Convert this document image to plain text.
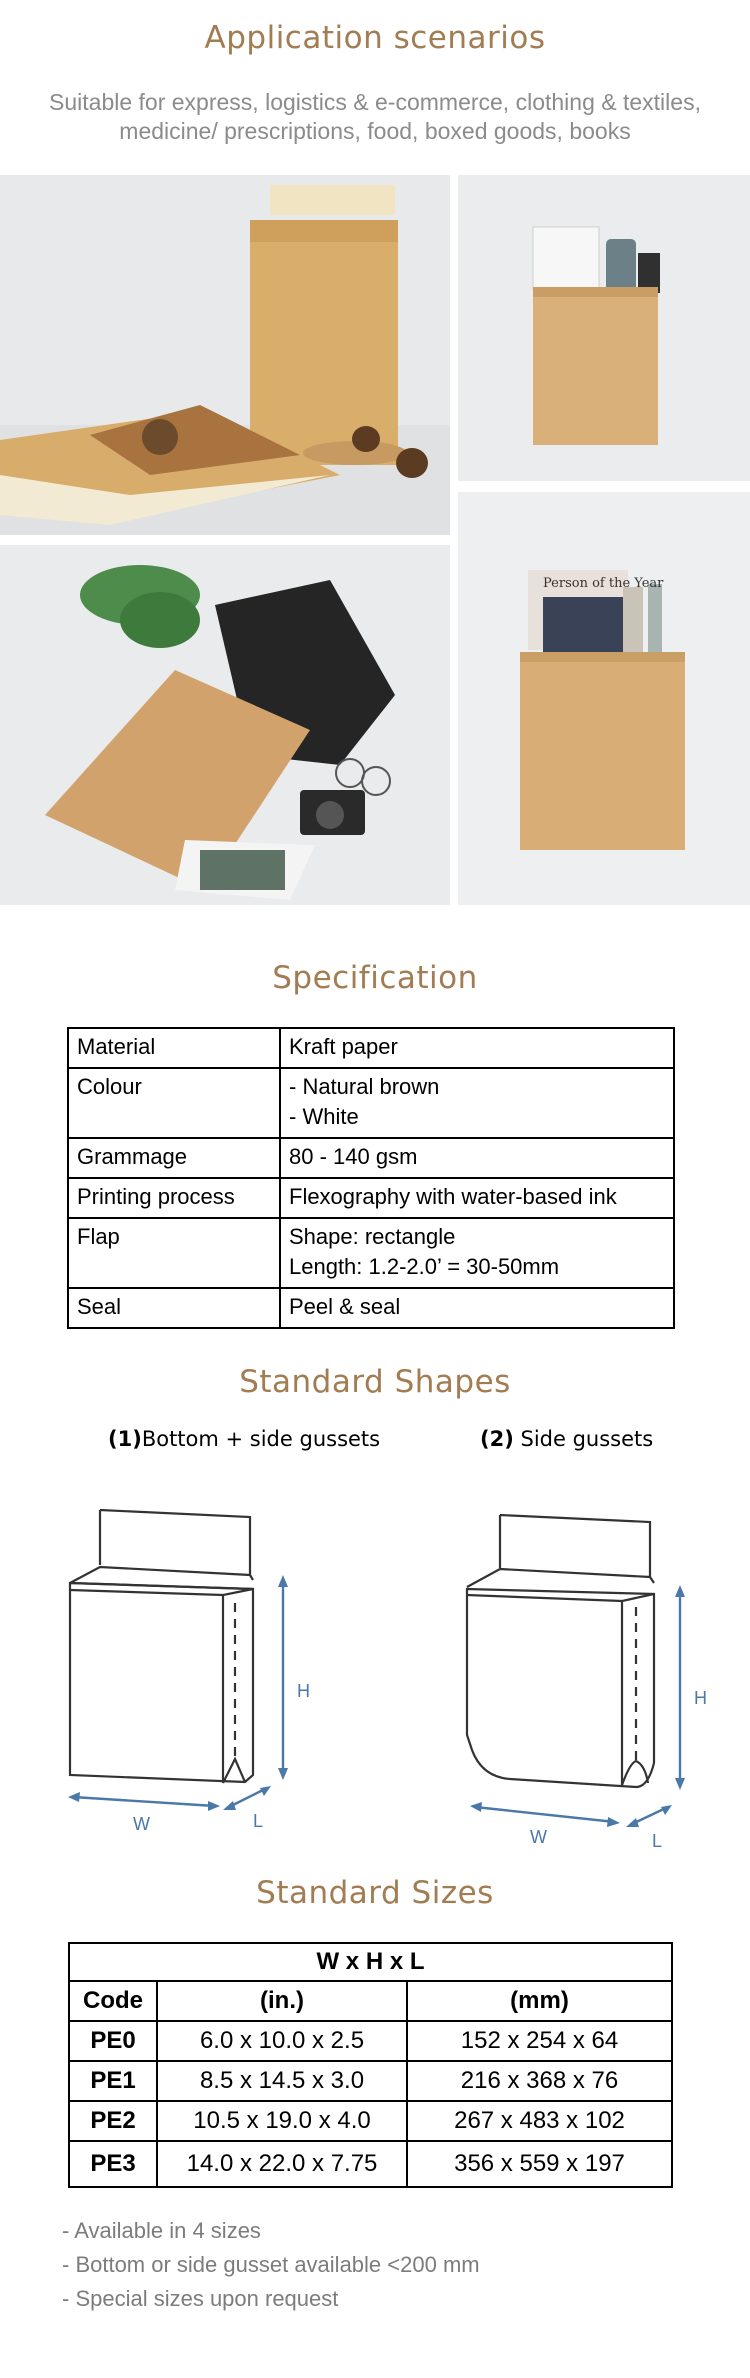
Application scenarios
Suitable for express, logistics & e-commerce, clothing & textiles,
medicine/ prescriptions, food, boxed goods, books
Person of the Year
Specification
Material	Kraft paper

Colour	- Natural brown
- White

Grammage	80 - 140 gsm

Printing process	Flexography with water-based ink

Flap	Shape: rectangle
Length: 1.2-2.0’ = 30-50mm

Seal	Peel & seal
Standard Shapes
(1)Bottom + side gussets	(2) Side gussets
H
W	L
H
W	L
Standard Sizes
W x H x L		
Code	(in.)	(mm)
PE0	6.0 x 10.0 x 2.5	152 x 254 x 64
PE1	8.5 x 14.5 x 3.0	216 x 368 x 76
PE2	10.5 x 19.0 x 4.0	267 x 483 x 102
PE3	14.0 x 22.0 x 7.75	356 x 559 x 197
- Available in 4 sizes
- Bottom or side gusset available <200 mm
- Special sizes upon request
